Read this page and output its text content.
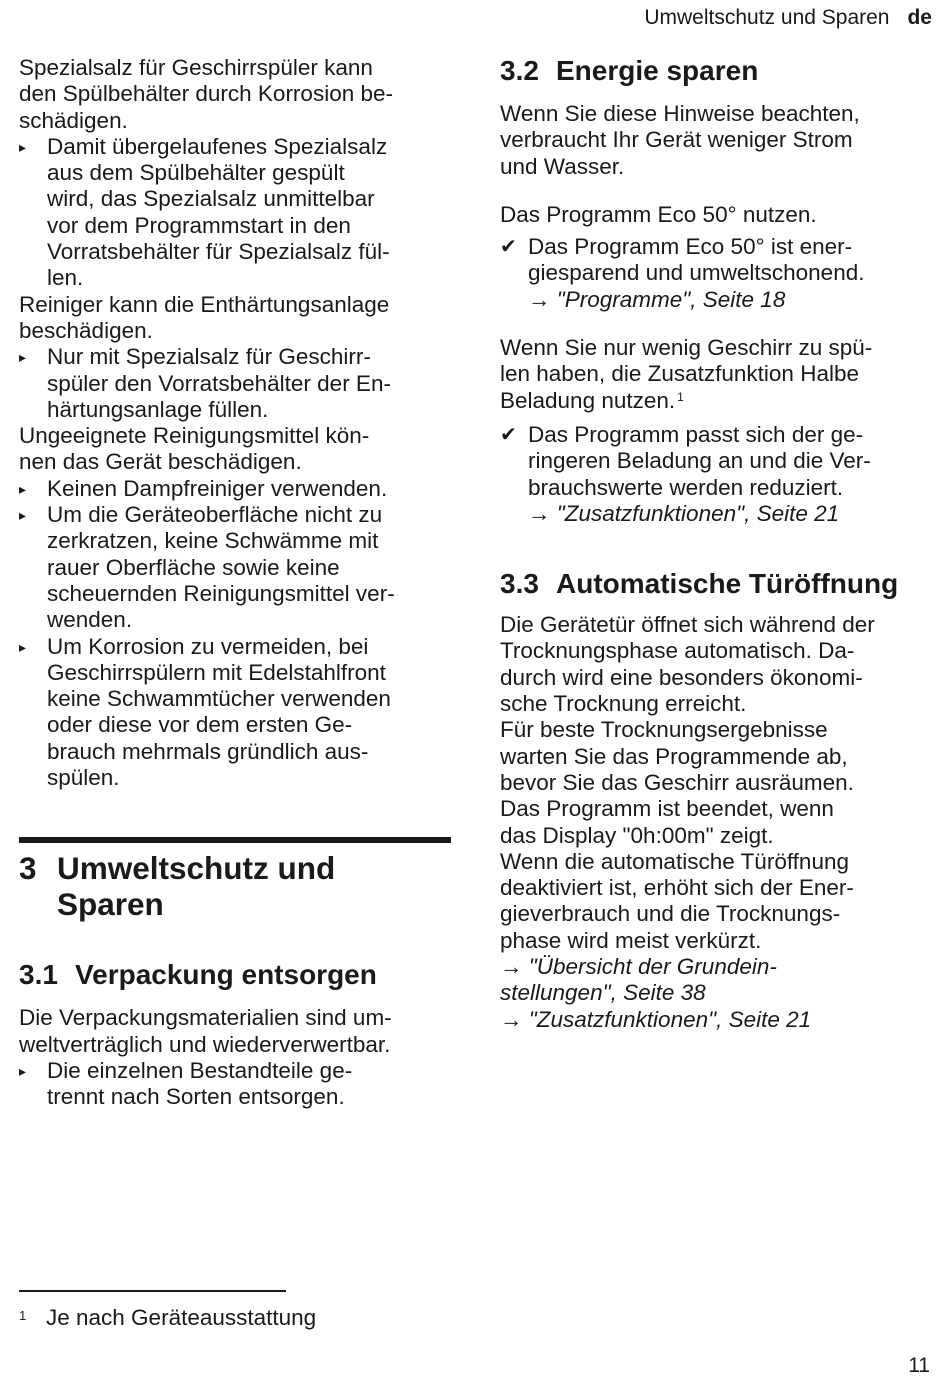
Umweltschutz und Sparen de
Spezialsalz für Geschirrspüler kann
den Spülbehälter durch Korrosion be-
schädigen.
▸ Damit übergelaufenes Spezialsalz
aus dem Spülbehälter gespült
wird, das Spezialsalz unmittelbar
vor dem Programmstart in den
Vorratsbehälter für Spezialsalz fül-
len.
Reiniger kann die Enthärtungsanlage
beschädigen.
▸ Nur mit Spezialsalz für Geschirr-
spüler den Vorratsbehälter der En-
härtungsanlage füllen.
Ungeeignete Reinigungsmittel kön-
nen das Gerät beschädigen.
▸ Keinen Dampfreiniger verwenden.
▸ Um die Geräteoberfläche nicht zu
zerkratzen, keine Schwämme mit
rauer Oberfläche sowie keine
scheuernden Reinigungsmittel ver-
wenden.
▸ Um Korrosion zu vermeiden, bei
Geschirrspülern mit Edelstahlfront
keine Schwammtücher verwenden
oder diese vor dem ersten Ge-
brauch mehrmals gründlich aus-
spülen.
3 Umweltschutz und
Sparen
3.1 Verpackung entsorgen
Die Verpackungsmaterialien sind um-
weltverträglich und wiederverwertbar.
▸ Die einzelnen Bestandteile ge-
trennt nach Sorten entsorgen.
3.2 Energie sparen
Wenn Sie diese Hinweise beachten,
verbraucht Ihr Gerät weniger Strom
und Wasser.
Das Programm Eco 50° nutzen.
✔ Das Programm Eco 50° ist ener-
giesparend und umweltschonend.
→ "Programme", Seite 18
Wenn Sie nur wenig Geschirr zu spü-
len haben, die Zusatzfunktion Halbe
Beladung nutzen. $^1$
✔ Das Programm passt sich der ge-
ringeren Beladung an und die Ver-
brauchswerte werden reduziert.
→ "Zusatzfunktionen", Seite 21
3.3 Automatische Türöffnung
Die Gerätetür öffnet sich während der
Trocknungsphase automatisch. Da-
durch wird eine besonders ökonomi-
sche Trocknung erreicht.
Für beste Trocknungsergebnisse
warten Sie das Programmende ab,
bevor Sie das Geschirr ausräumen.
Das Programm ist beendet, wenn
das Display "0h:00m" zeigt.
Wenn die automatische Türöffnung
deaktiviert ist, erhöht sich der Ener-
gieverbrauch und die Trocknungs-
phase wird meist verkürzt.
→ "Übersicht der Grundein-
stellungen", Seite 38
→ "Zusatzfunktionen", Seite 21
1 Je nach Geräteausstattung
11
